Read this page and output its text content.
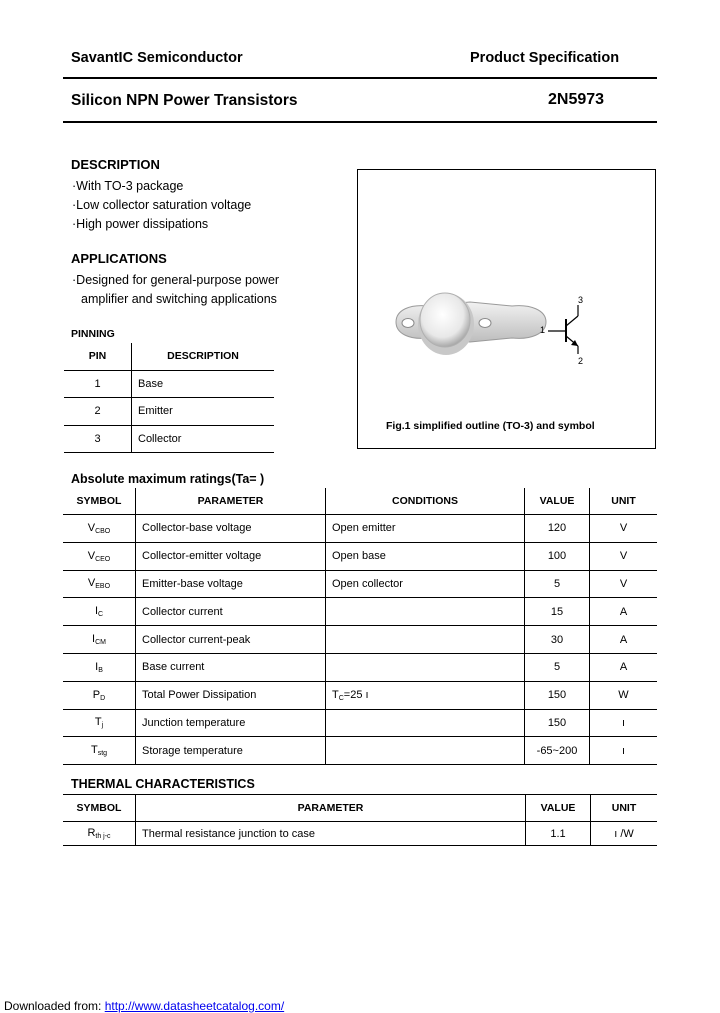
SavantIC Semiconductor	Product Specification
Silicon NPN Power Transistors	2N5973
DESCRIPTION
·With TO-3 package
·Low collector saturation voltage
·High power dissipations
APPLICATIONS
·Designed for general-purpose power
amplifier and switching applications
PINNING
PIN	DESCRIPTION
1	Base
2	Emitter
3	Collector
3
1
2
Fig.1 simplified outline (TO-3) and symbol
Absolute maximum ratings(Ta= )
SYMBOL	PARAMETER	CONDITIONS	VALUE	UNIT
$V_{CBO}$	Collector-base voltage	Open emitter	120	V
$V_{CEO}$	Collector-emitter voltage	Open base	100	V
$V_{EBO}$	Emitter-base voltage	Open collector	5	V
$I_C$	Collector current		15	A
$I_{CM}$	Collector current-peak		30	A
$I_B$	Base current		5	A
$P_D$	Total Power Dissipation	$T_C=25$ ı	150	W
$T_j$	Junction temperature		150	ı
$T_{stg}$	Storage temperature		-65~200	ı
THERMAL CHARACTERISTICS
SYMBOL	PARAMETER	VALUE	UNIT
$R_{th j-c}$	Thermal resistance junction to case	1.1	ı /W
Downloaded from: http://www.datasheetcatalog.com/
